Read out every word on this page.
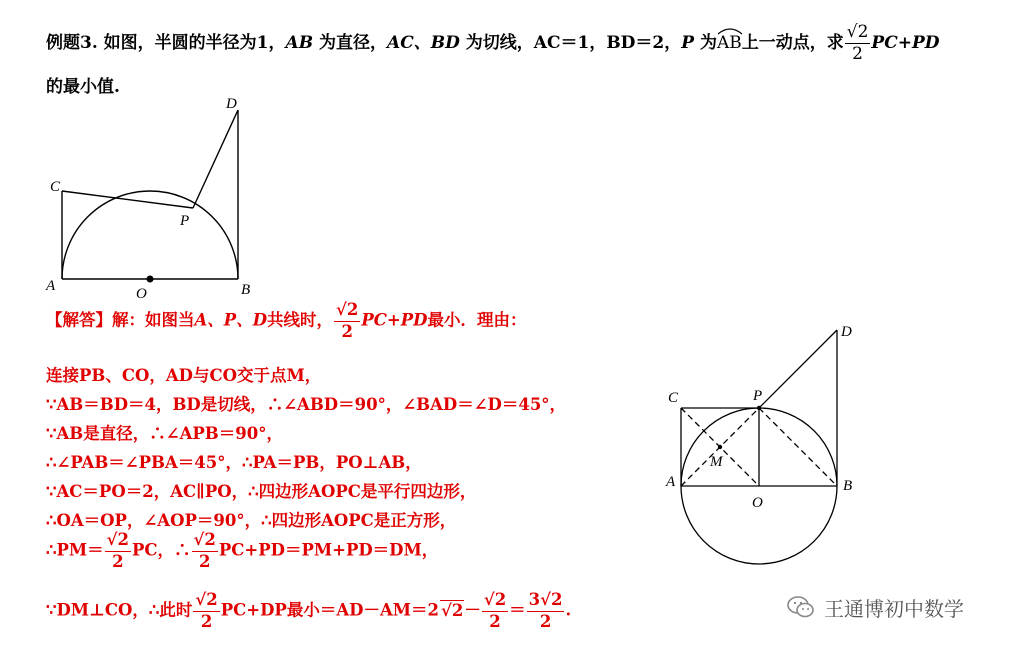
例题3. 如图，半圆的半径为1，AB 为直径，AC、BD 为切线，AC＝1，BD＝2，P 为
AB上一动点，求 $\frac{√2}{2} PC+PD$
的最小值.
D
C
P
A	O	B
【解答】解：如图当A、P、D共线时， $\frac{√2}{2} PC+PD$最小．理由：
连接PB、CO，AD与CO交于点M，
∵AB＝BD＝4，BD是切线，∴∠ABD＝90°，∠BAD＝∠D＝45°，
∵AB是直径，∴∠APB＝90°，
∴∠PAB＝∠PBA＝45°，∴PA＝PB，PO⊥AB，
∵AC＝PO＝2，AC∥PO，∴四边形AOPC是平行四边形，
∴OA＝OP，∠AOP＝90°，∴四边形AOPC是正方形，
∴PM＝ $\frac{√2}{2}$ PC，∴ $\frac{√2}{2} PC+PD=PM+PD=DM$，
∵DM⊥CO，∴此时 $\frac{√2}{2} PC+DP$最小＝AD－AM＝2 $√2- \frac{√2}{2} = \frac{3√2}{2}$ .
D
C	P
M
A
O
B
王通博初中数学
